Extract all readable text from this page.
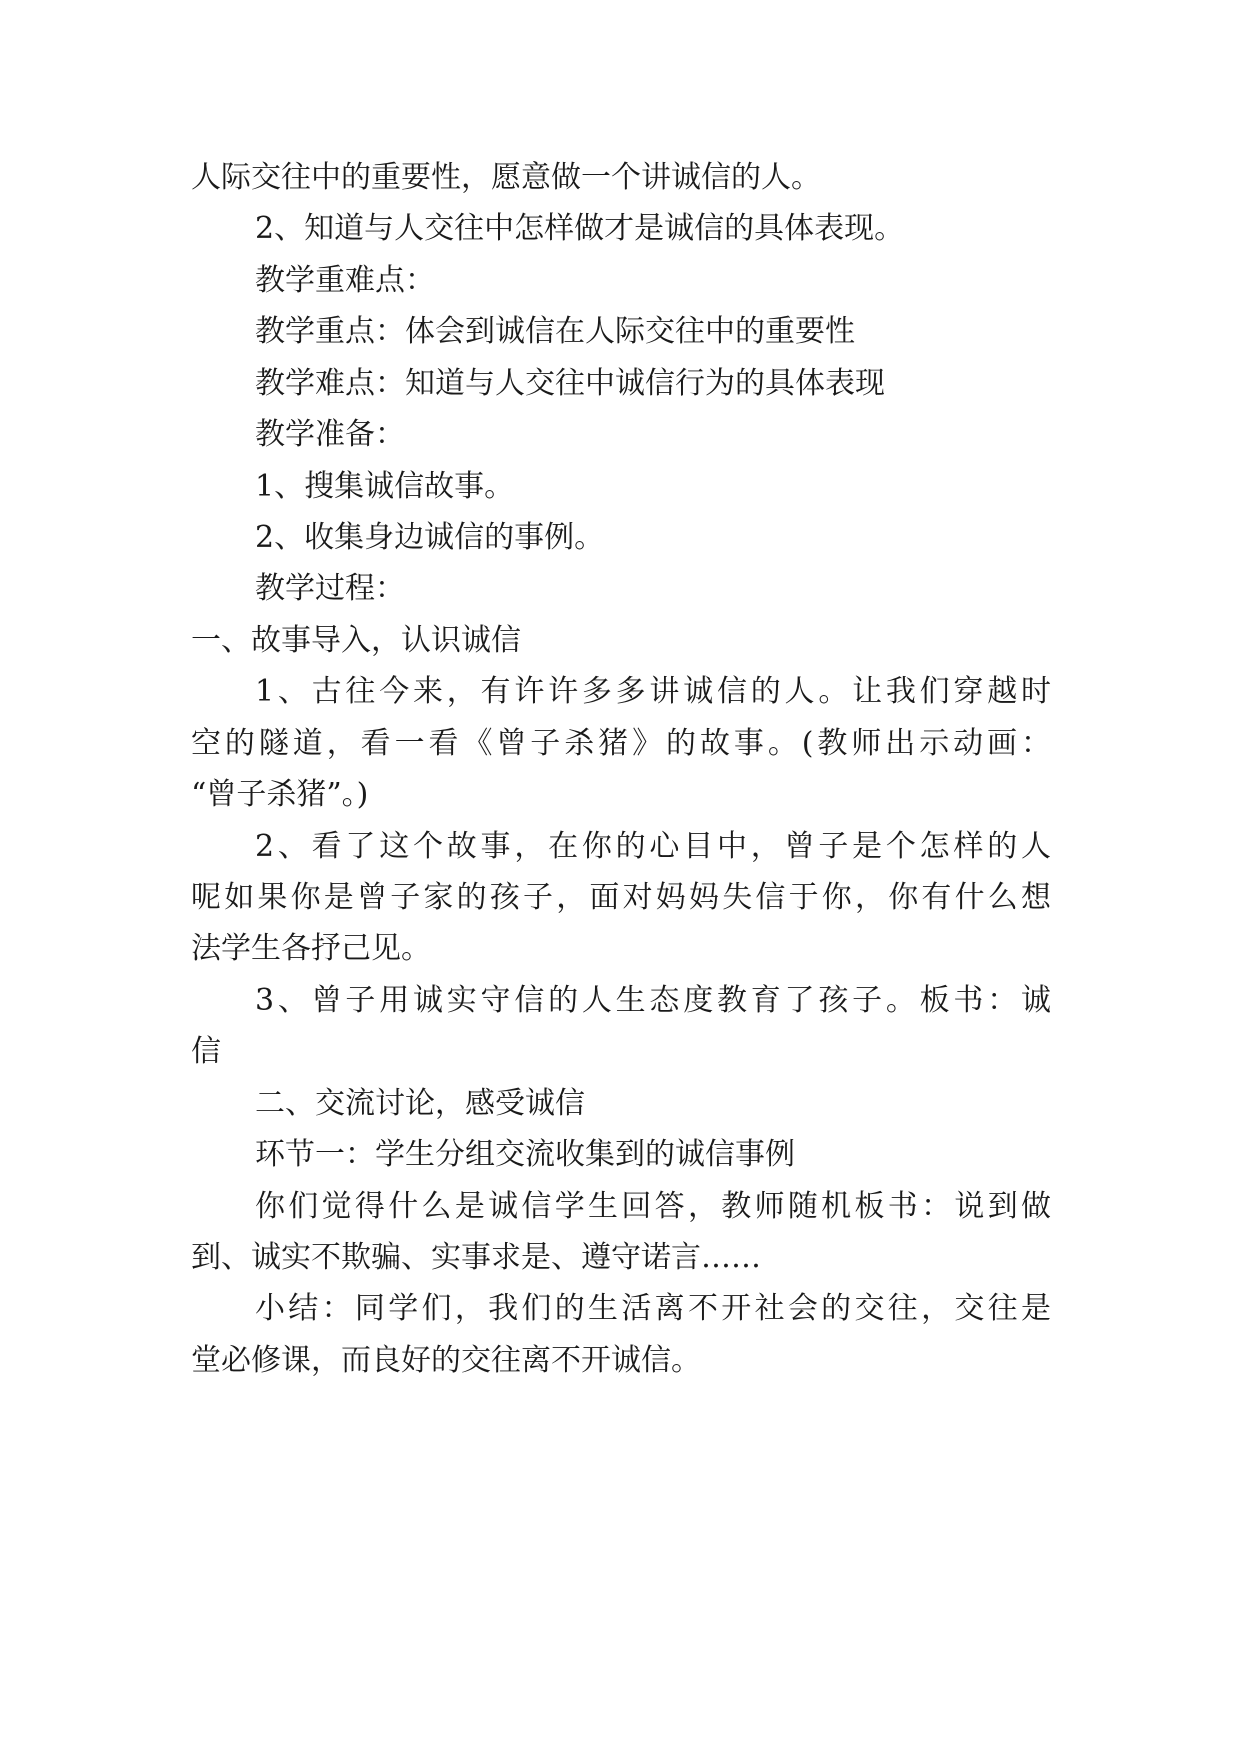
人际交往中的重要性，愿意做一个讲诚信的人。
2、知道与人交往中怎样做才是诚信的具体表现。
教学重难点：
教学重点：体会到诚信在人际交往中的重要性
教学难点：知道与人交往中诚信行为的具体表现
教学准备：
1、搜集诚信故事。
2、收集身边诚信的事例。
教学过程：
一、故事导入，认识诚信
1、古往今来，有许许多多讲诚信的人。让我们穿越时
空的隧道，看一看《曾子杀猪》的故事。(教师出示动画：
“曾子杀猪”。)
2、看了这个故事，在你的心目中，曾子是个怎样的人
呢如果你是曾子家的孩子，面对妈妈失信于你，你有什么想
法学生各抒己见。
3、曾子用诚实守信的人生态度教育了孩子。板书：诚
信
二、交流讨论，感受诚信
环节一：学生分组交流收集到的诚信事例
你们觉得什么是诚信学生回答，教师随机板书：说到做
到、诚实不欺骗、实事求是、遵守诺言……
小结：同学们，我们的生活离不开社会的交往，交往是
堂必修课，而良好的交往离不开诚信。
